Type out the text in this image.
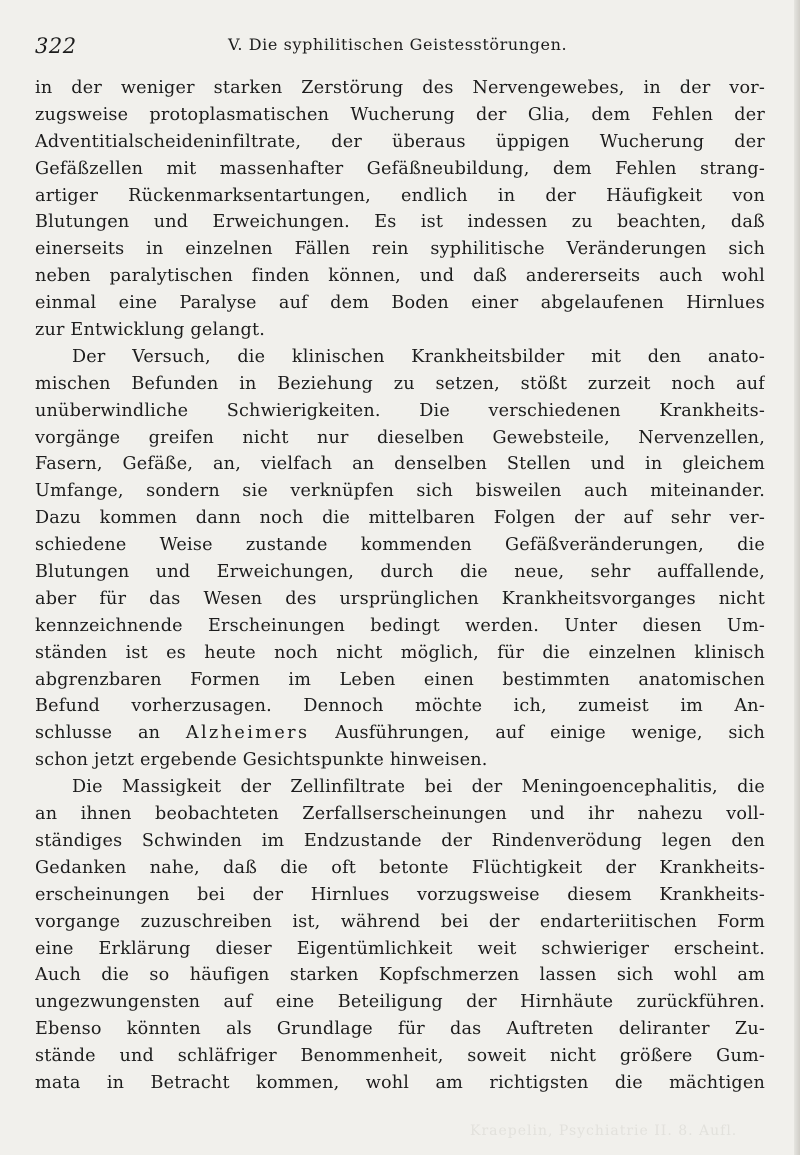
322	V. Die syphilitischen Geistesstörungen.
in der weniger starken Zerstörung des Nervengewebes, in der vor-
zugsweise protoplasmatischen Wucherung der Glia, dem Fehlen der
Adventitialscheideninfiltrate, der überaus üppigen Wucherung der
Gefäßzellen mit massenhafter Gefäßneubildung, dem Fehlen strang-
artiger Rückenmarksentartungen, endlich in der Häufigkeit von
Blutungen und Erweichungen. Es ist indessen zu beachten, daß
einerseits in einzelnen Fällen rein syphilitische Veränderungen sich
neben paralytischen finden können, und daß andererseits auch wohl
einmal eine Paralyse auf dem Boden einer abgelaufenen Hirnlues
zur Entwicklung gelangt.
Der Versuch, die klinischen Krankheitsbilder mit den anato-
mischen Befunden in Beziehung zu setzen, stößt zurzeit noch auf
unüberwindliche Schwierigkeiten. Die verschiedenen Krankheits-
vorgänge greifen nicht nur dieselben Gewebsteile, Nervenzellen,
Fasern, Gefäße, an, vielfach an denselben Stellen und in gleichem
Umfange, sondern sie verknüpfen sich bisweilen auch miteinander.
Dazu kommen dann noch die mittelbaren Folgen der auf sehr ver-
schiedene Weise zustande kommenden Gefäßveränderungen, die
Blutungen und Erweichungen, durch die neue, sehr auffallende,
aber für das Wesen des ursprünglichen Krankheitsvorganges nicht
kennzeichnende Erscheinungen bedingt werden. Unter diesen Um-
ständen ist es heute noch nicht möglich, für die einzelnen klinisch
abgrenzbaren Formen im Leben einen bestimmten anatomischen
Befund vorherzusagen. Dennoch möchte ich, zumeist im An-
schlusse an Alzheimers Ausführungen, auf einige wenige, sich
schon jetzt ergebende Gesichtspunkte hinweisen.
Die Massigkeit der Zellinfiltrate bei der Meningoencephalitis, die
an ihnen beobachteten Zerfallserscheinungen und ihr nahezu voll-
ständiges Schwinden im Endzustande der Rindenverödung legen den
Gedanken nahe, daß die oft betonte Flüchtigkeit der Krankheits-
erscheinungen bei der Hirnlues vorzugsweise diesem Krankheits-
vorgange zuzuschreiben ist, während bei der endarteriitischen Form
eine Erklärung dieser Eigentümlichkeit weit schwieriger erscheint.
Auch die so häufigen starken Kopfschmerzen lassen sich wohl am
ungezwungensten auf eine Beteiligung der Hirnhäute zurückführen.
Ebenso könnten als Grundlage für das Auftreten deliranter Zu-
stände und schläfriger Benommenheit, soweit nicht größere Gum-
mata in Betracht kommen, wohl am richtigsten die mächtigen
Kraepelin, Psychiatrie II. 8. Aufl.
